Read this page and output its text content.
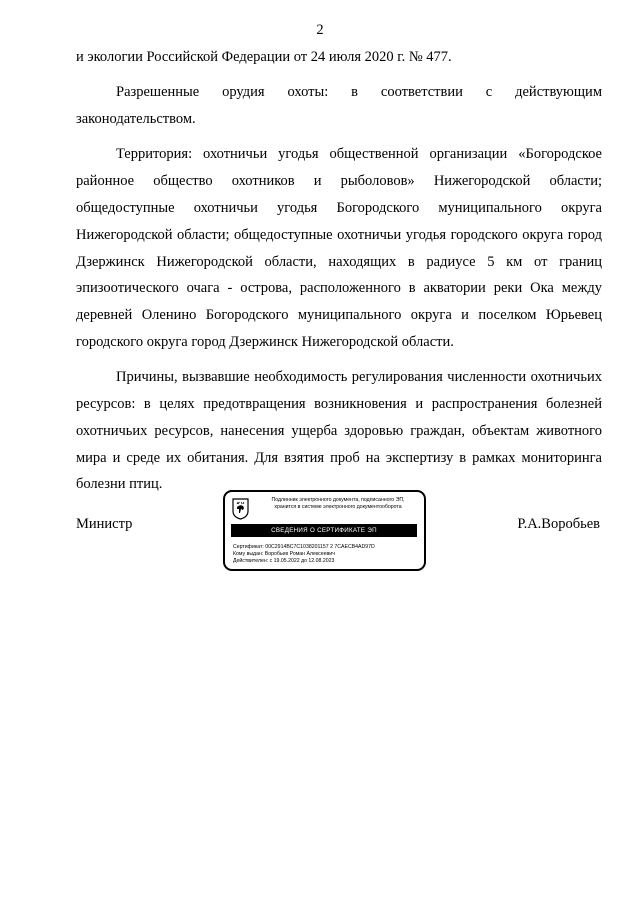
2

и экологии Российской Федерации от 24 июля 2020 г. № 477.

Разрешенные орудия охоты: в соответствии с действующим законодательством.

Территория: охотничьи угодья общественной организации «Богородское районное общество охотников и рыболовов» Нижегородской области; общедоступные охотничьи угодья Богородского муниципального округа Нижегородской области; общедоступные охотничьи угодья городского округа город Дзержинск Нижегородской области, находящих в радиусе 5 км от границ эпизоотического очага - острова, расположенного в акватории реки Ока между деревней Оленино Богородского муниципального округа и поселком Юрьевец городского округа город Дзержинск Нижегородской области.

Причины, вызвавшие необходимость регулирования численности охотничьих ресурсов: в целях предотвращения возникновения и распространения болезней охотничьих ресурсов, нанесения ущерба здоровью граждан, объектам животного мира и среде их обитания. Для взятия проб на экспертизу в рамках мониторинга болезни птиц.

Министр	Р.А.Воробьев
Подлинник электронного документа, подписанного ЭП,
хранится в системе электронного документооборота
СВЕДЕНИЯ О СЕРТИФИКАТЕ ЭП
Сертификат: 00C2914BC7C1038201157 2 7CAECB4AD97D
Кому выдан: Воробьев Роман Алексеевич
Действителен: с 19.05.2022 до 12.08.2023
